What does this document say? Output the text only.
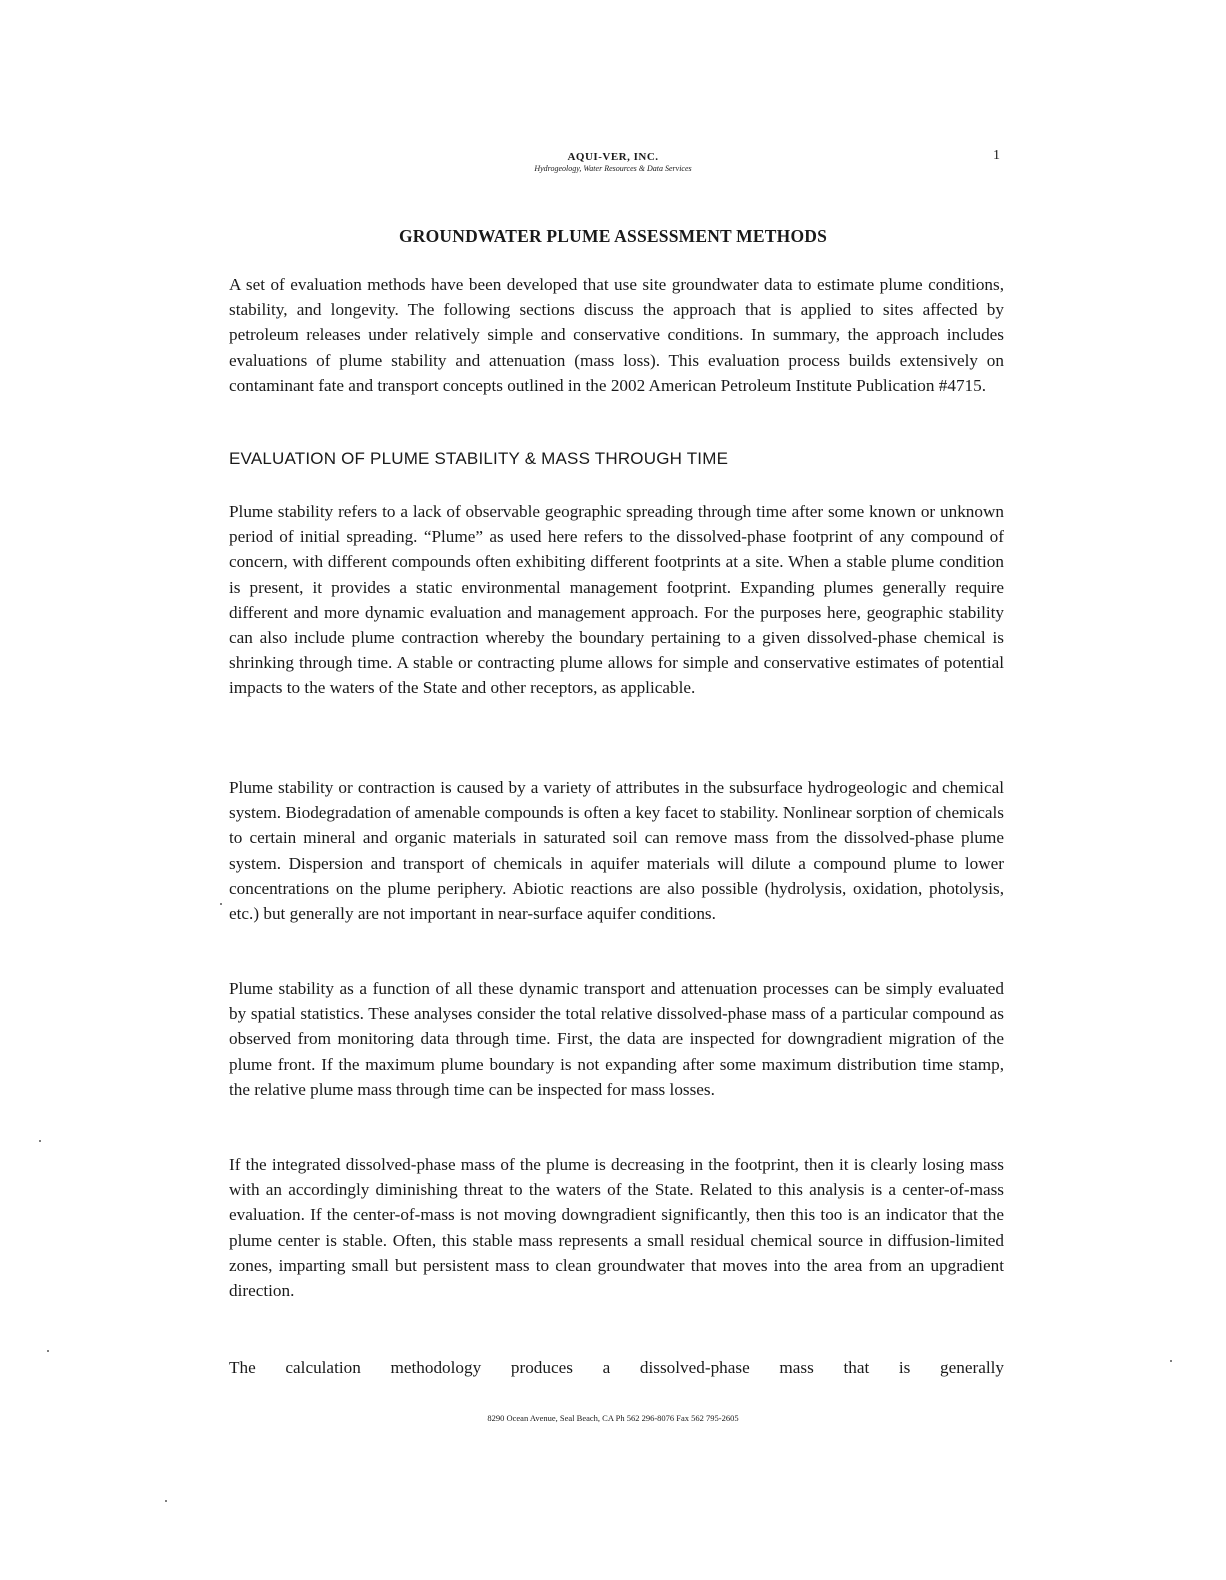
AQUI-VER, INC.
Hydrogeology, Water Resources & Data Services
1
GROUNDWATER PLUME ASSESSMENT METHODS
A set of evaluation methods have been developed that use site groundwater data to estimate plume conditions, stability, and longevity. The following sections discuss the approach that is applied to sites affected by petroleum releases under relatively simple and conservative conditions. In summary, the approach includes evaluations of plume stability and attenuation (mass loss). This evaluation process builds extensively on contaminant fate and transport concepts outlined in the 2002 American Petroleum Institute Publication #4715.
EVALUATION OF PLUME STABILITY & MASS THROUGH TIME
Plume stability refers to a lack of observable geographic spreading through time after some known or unknown period of initial spreading. “Plume” as used here refers to the dissolved-phase footprint of any compound of concern, with different compounds often exhibiting different footprints at a site. When a stable plume condition is present, it provides a static environmental management footprint. Expanding plumes generally require different and more dynamic evaluation and management approach. For the purposes here, geographic stability can also include plume contraction whereby the boundary pertaining to a given dissolved-phase chemical is shrinking through time. A stable or contracting plume allows for simple and conservative estimates of potential impacts to the waters of the State and other receptors, as applicable.
Plume stability or contraction is caused by a variety of attributes in the subsurface hydrogeologic and chemical system. Biodegradation of amenable compounds is often a key facet to stability. Nonlinear sorption of chemicals to certain mineral and organic materials in saturated soil can remove mass from the dissolved-phase plume system. Dispersion and transport of chemicals in aquifer materials will dilute a compound plume to lower concentrations on the plume periphery. Abiotic reactions are also possible (hydrolysis, oxidation, photolysis, etc.) but generally are not important in near-surface aquifer conditions.
Plume stability as a function of all these dynamic transport and attenuation processes can be simply evaluated by spatial statistics. These analyses consider the total relative dissolved-phase mass of a particular compound as observed from monitoring data through time. First, the data are inspected for downgradient migration of the plume front. If the maximum plume boundary is not expanding after some maximum distribution time stamp, the relative plume mass through time can be inspected for mass losses.
If the integrated dissolved-phase mass of the plume is decreasing in the footprint, then it is clearly losing mass with an accordingly diminishing threat to the waters of the State. Related to this analysis is a center-of-mass evaluation. If the center-of-mass is not moving downgradient significantly, then this too is an indicator that the plume center is stable. Often, this stable mass represents a small residual chemical source in diffusion-limited zones, imparting small but persistent mass to clean groundwater that moves into the area from an upgradient direction.
The calculation methodology produces a dissolved-phase mass that is generally
8290 Ocean Avenue, Seal Beach, CA Ph 562 296-8076 Fax 562 795-2605
